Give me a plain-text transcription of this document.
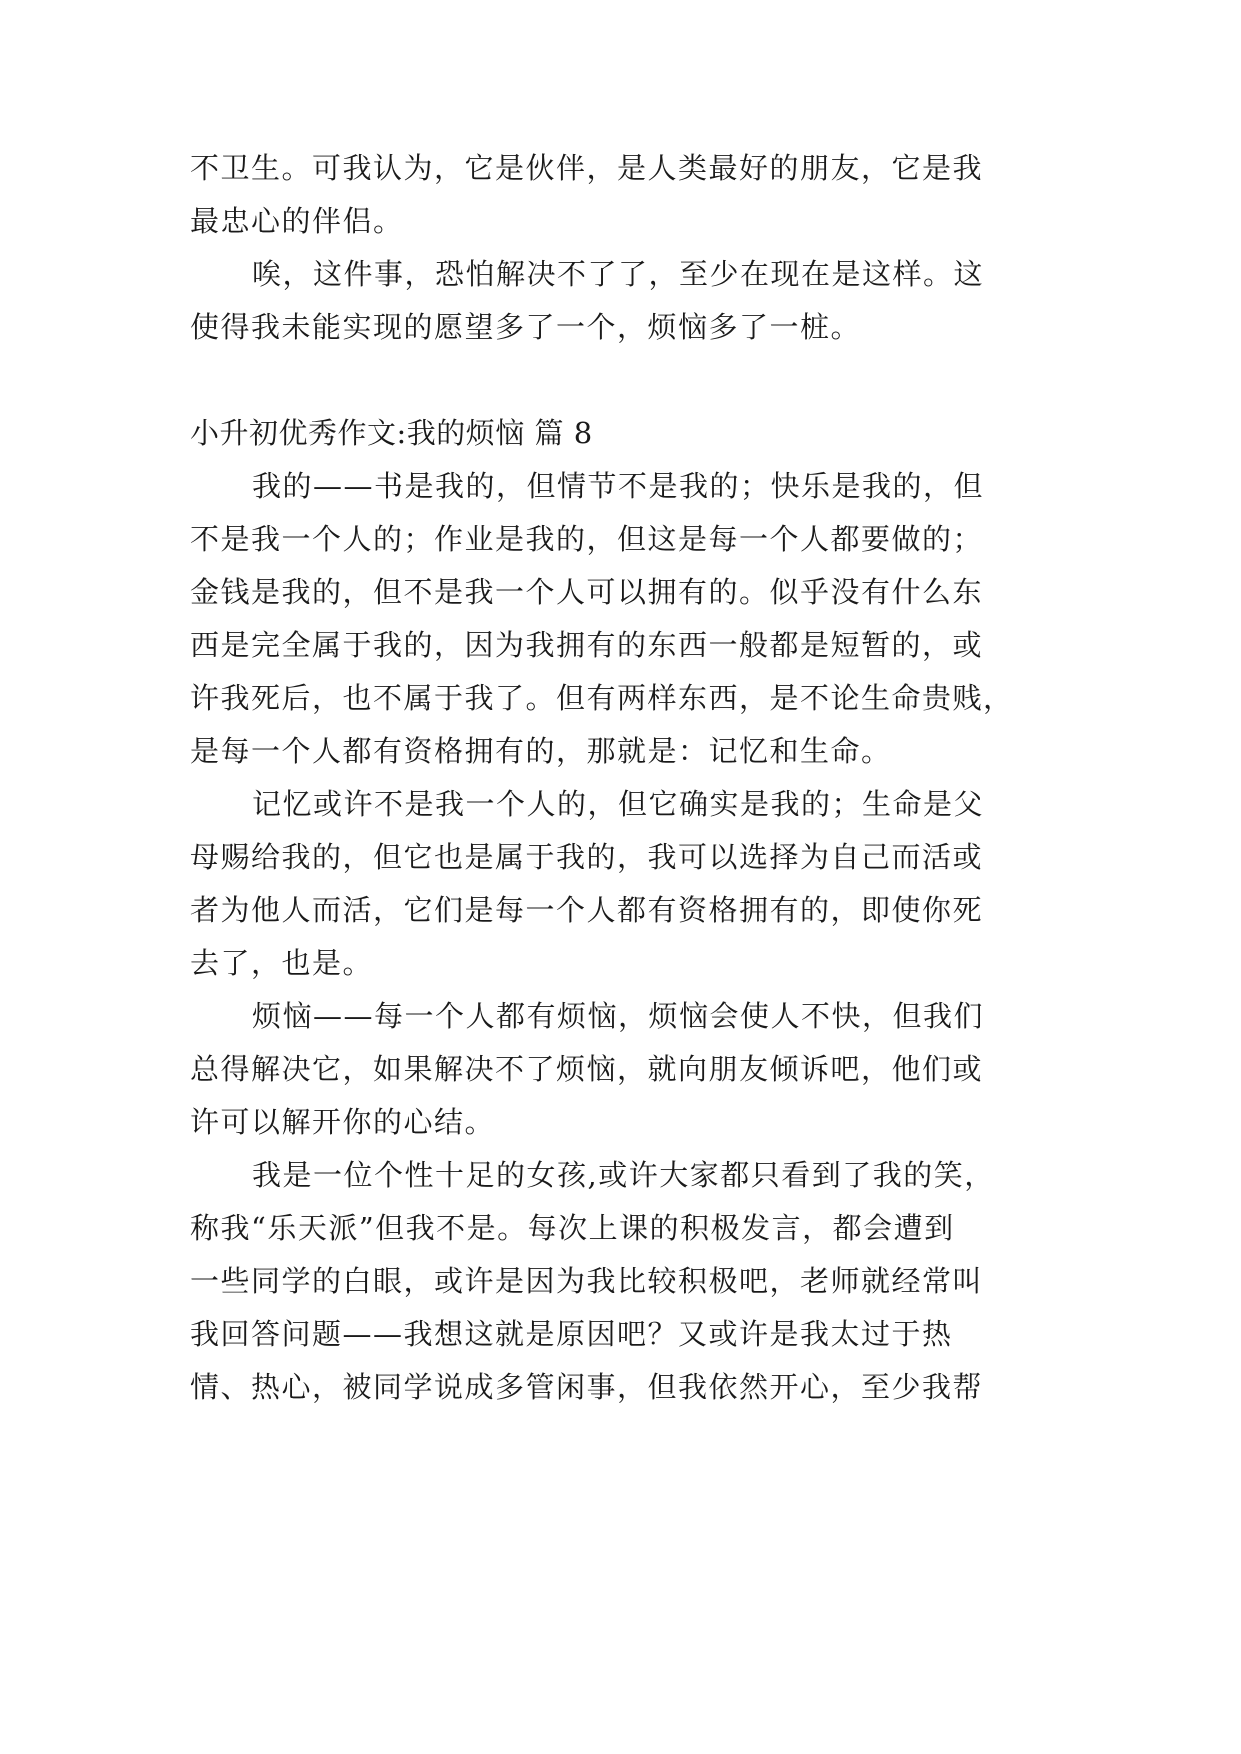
不卫生。可我认为，它是伙伴，是人类最好的朋友，它是我
最忠心的伴侣。
唉，这件事，恐怕解决不了了，至少在现在是这样。这
使得我未能实现的愿望多了一个，烦恼多了一桩。
小升初优秀作文:我的烦恼 篇 8
我的——书是我的，但情节不是我的；快乐是我的，但
不是我一个人的；作业是我的，但这是每一个人都要做的；
金钱是我的，但不是我一个人可以拥有的。似乎没有什么东
西是完全属于我的，因为我拥有的东西一般都是短暂的，或
许我死后，也不属于我了。但有两样东西，是不论生命贵贱，
是每一个人都有资格拥有的，那就是：记忆和生命。
记忆或许不是我一个人的，但它确实是我的；生命是父
母赐给我的，但它也是属于我的，我可以选择为自己而活或
者为他人而活，它们是每一个人都有资格拥有的，即使你死
去了，也是。
烦恼——每一个人都有烦恼，烦恼会使人不快，但我们
总得解决它，如果解决不了烦恼，就向朋友倾诉吧，他们或
许可以解开你的心结。
我是一位个性十足的女孩,或许大家都只看到了我的笑，
称我“乐天派”但我不是。每次上课的积极发言，都会遭到
一些同学的白眼，或许是因为我比较积极吧，老师就经常叫
我回答问题——我想这就是原因吧？又或许是我太过于热
情、热心，被同学说成多管闲事，但我依然开心，至少我帮
